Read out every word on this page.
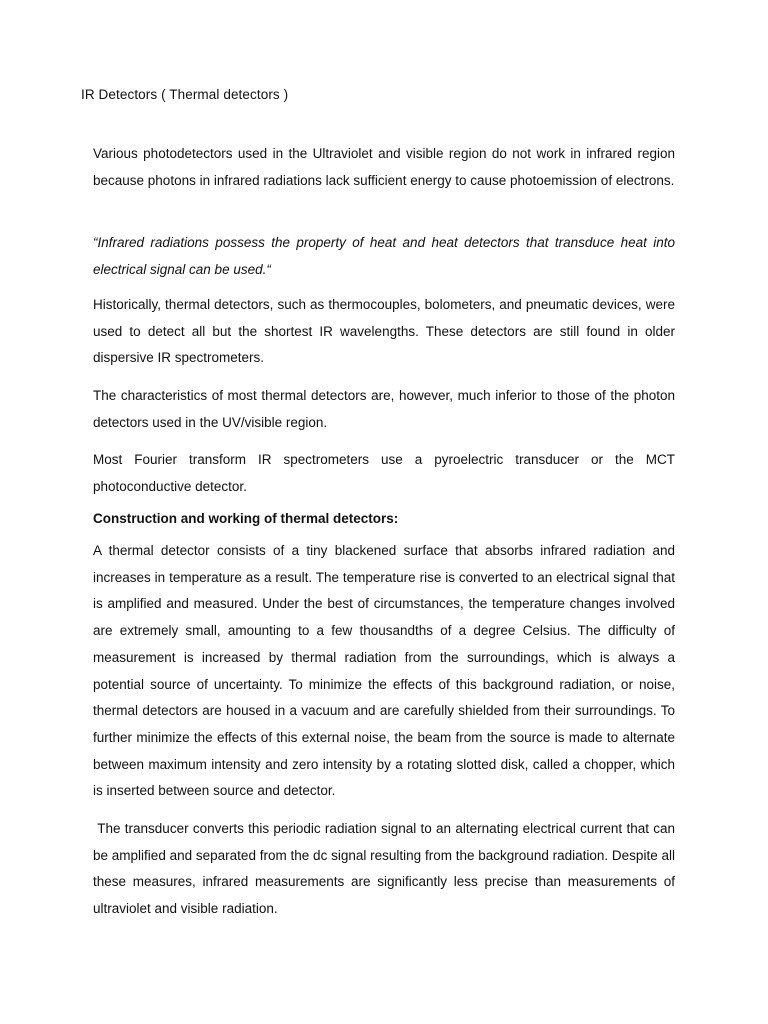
IR Detectors ( Thermal detectors )

Various photodetectors used in the Ultraviolet and visible region do not work in infrared region because photons in infrared radiations lack sufficient energy to cause photoemission of electrons.

“Infrared radiations possess the property of heat and heat detectors that transduce heat into electrical signal can be used.“

Historically, thermal detectors, such as thermocouples, bolometers, and pneumatic devices, were used to detect all but the shortest IR wavelengths. These detectors are still found in older dispersive IR spectrometers.

The characteristics of most thermal detectors are, however, much inferior to those of the photon detectors used in the UV/visible region.

Most Fourier transform IR spectrometers use a pyroelectric transducer or the MCT photoconductive detector.

Construction and working of thermal detectors:

A thermal detector consists of a tiny blackened surface that absorbs infrared radiation and increases in temperature as a result. The temperature rise is converted to an electrical signal that is amplified and measured. Under the best of circumstances, the temperature changes involved are extremely small, amounting to a few thousandths of a degree Celsius. The difficulty of measurement is increased by thermal radiation from the surroundings, which is always a potential source of uncertainty. To minimize the effects of this background radiation, or noise, thermal detectors are housed in a vacuum and are carefully shielded from their surroundings. To further minimize the effects of this external noise, the beam from the source is made to alternate between maximum intensity and zero intensity by a rotating slotted disk, called a chopper, which is inserted between source and detector.

The transducer converts this periodic radiation signal to an alternating electrical current that can be amplified and separated from the dc signal resulting from the background radiation. Despite all these measures, infrared measurements are significantly less precise than measurements of ultraviolet and visible radiation.
